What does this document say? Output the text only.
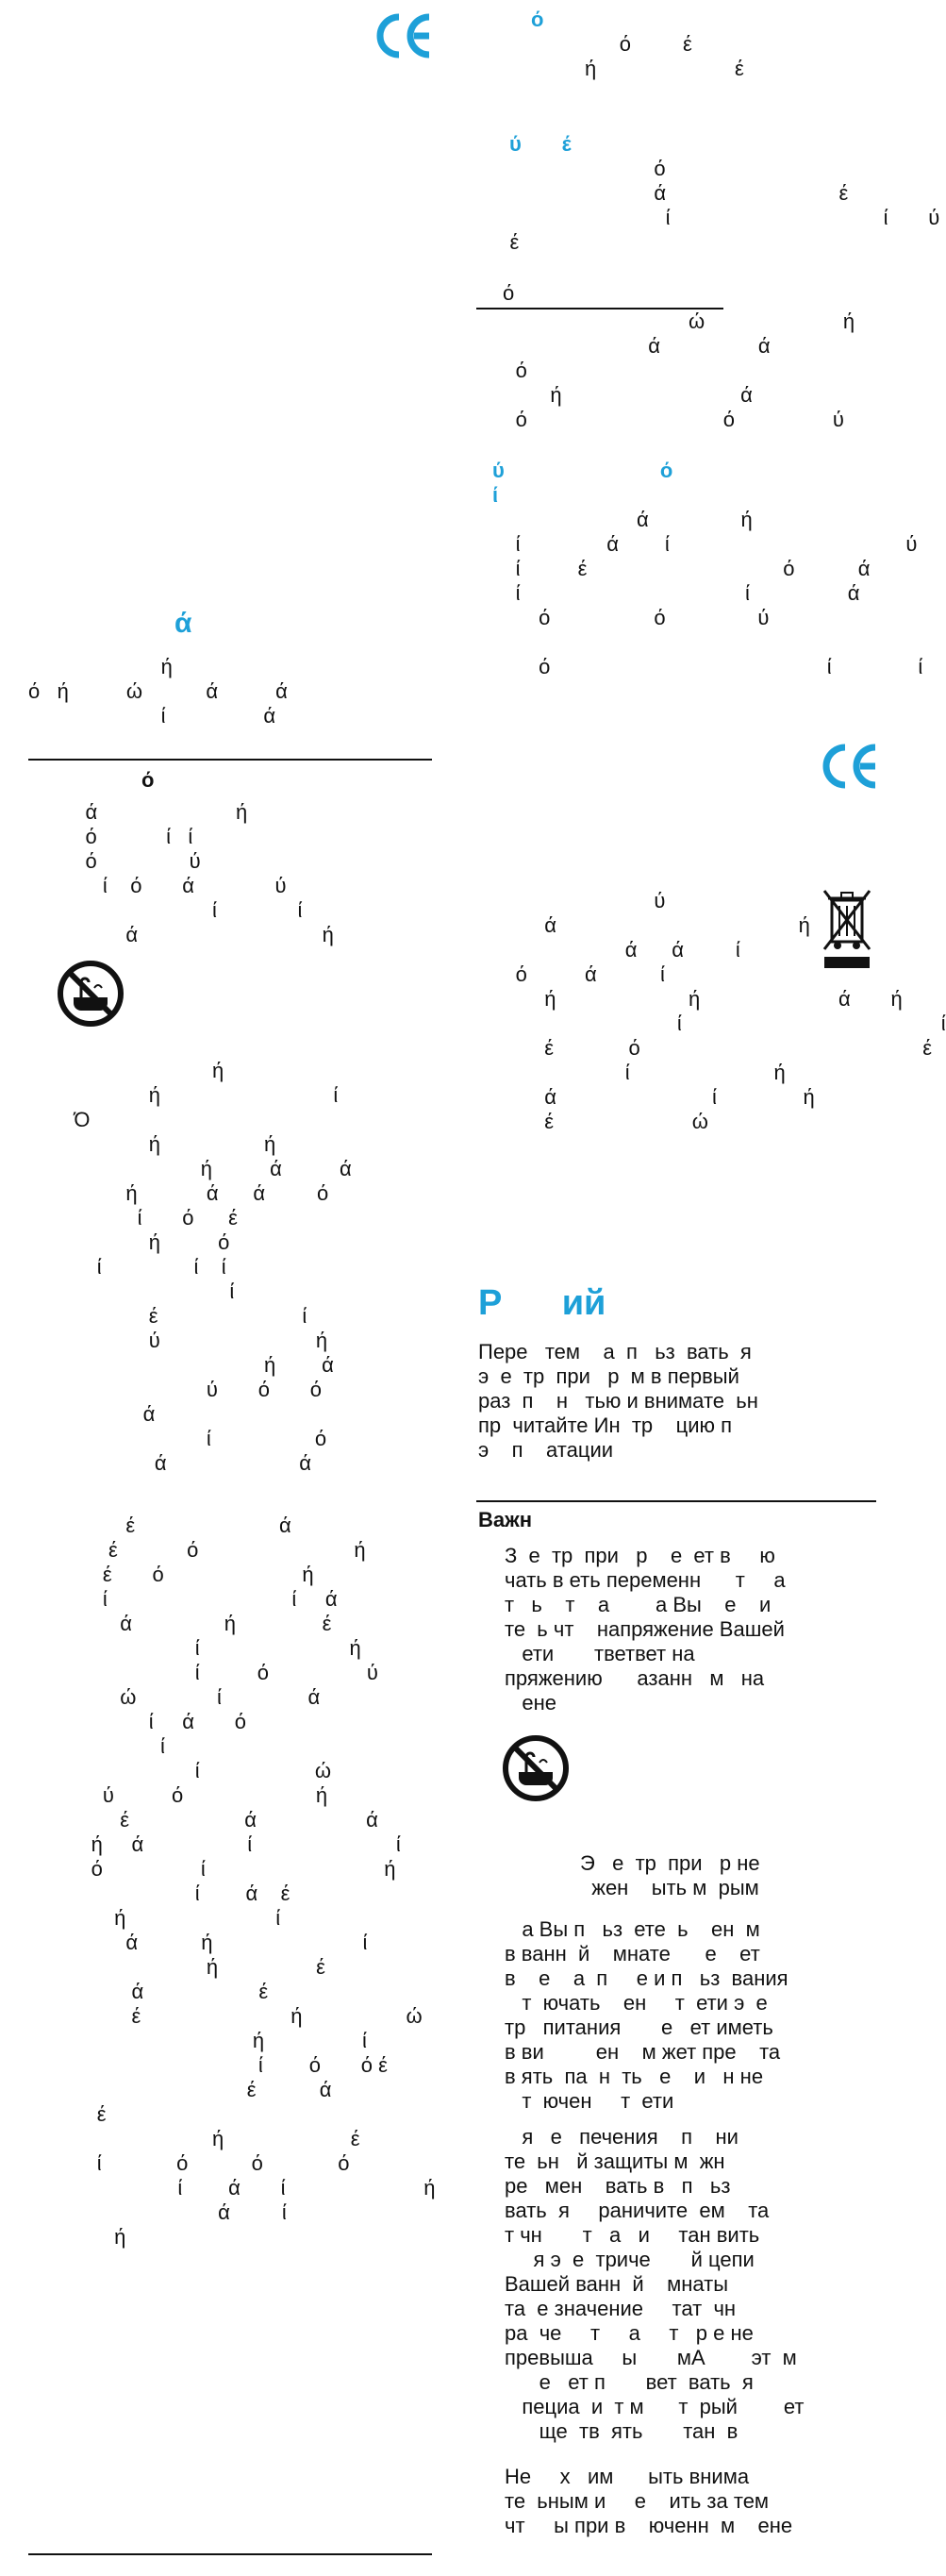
ά
ή
ό   ή          ώ           ά          ά
ί                 ά
ό
ά                        ή
ό            ί   ί
ό                ύ
ί    ό       ά              ύ
ί              ί
ά                                ή
ή
ή                              ί
Ό
ή                  ή
ή          ά          ά
ή            ά      ά         ό
ί       ό      έ
ή          ό
ί                ί    ί
ί
έ                         ί
ύ                           ή
ή        ά
ύ       ό       ό
ά
ί                  ό
ά                       ά
έ                         ά
έ            ό                           ή
έ       ό                        ή
ί                                ί     ά
ά                ή               έ
ί                          ή
ί          ό                 ύ
ώ              ί               ά
ί     ά       ό
ί
ί                    ώ
ύ          ό                       ή
έ                    ά                   ά
ή     ά                  ί                         ί
ό                 ί                               ή
ί        ά    έ
ή                          ί
ά           ή                          ί
ή                 έ
ά                    έ
έ                          ή                  ώ
ή                 ί
ί        ό       ό έ
έ           ά
έ
ή                      έ
ί             ό           ό             ό
ί        ά       ί                        ή
ά         ί
ή
ό
ό         έ
ή                        έ
ύ       έ
ό
ά                              έ
ί                                     ί       ύ
έ
ό
ώ                        ή
ά                 ά
ό
ή                               ά
ό                                  ό                 ύ
ύ                           ό
ί
ά                ή
ί               ά        ί                                         ύ
ί          έ                                  ό           ά
ί                                       ί                 ά
ό                  ό                ύ
ό                                                ί               ί
ύ
ά                                          ή
ά      ά         ί
ό          ά           ί
ή                       ή                        ά       ή
ί                                             ί
έ             ό                                                 έ
ί                         ή
ά                           ί               ή
έ                        ώ
Р      ий
Пере   тем    а  п   ьз  вать  я
э  е  тр  при   р  м в первый
раз  п    н   тью и внимате  ьн
пр  читайте Ин  тр    цию п
э    п    атации
Важн
З  е  тр  при   р    е  ет в     ю
чать в еть переменн      т     а
т   ь    т    а        а Вы    е    и
те  ь чт    напряжение Вашей
ети       тветвет на
пряжению      азанн   м   на
ене
Э   е  тр  при   р не
жен    ыть м  рым
а Вы п   ьз  ете  ь    ен  м
в ванн  й    мнате      е    ет
в    е    а  п     е и п   ьз  вания
т  ючать    ен     т  ети э  е
тр   питания       е   ет иметь
в ви         ен    м жет пре    та
в ять  па  н  ть   е    и   н не
т  ючен     т  ети
я   е   печения    п    ни
те  ьн   й защиты м  жн
ре   мен    вать в   п   ьз
вать  я     раничите  ем    та
т чн       т   а   и     тан вить
я э  е  триче       й цепи
Вашей ванн  й    мнаты
та  е значение     тат  чн
ра  че     т     а     т   р е не
превыша     ы       мА        эт  м
е   ет п       вет  вать  я
пециа  и  т м      т  рый        ет
ще  тв  ять       тан  в
Не     х   им      ыть внима
те  ьным и     е    ить за тем
чт     ы при в    юченн  м    ене
